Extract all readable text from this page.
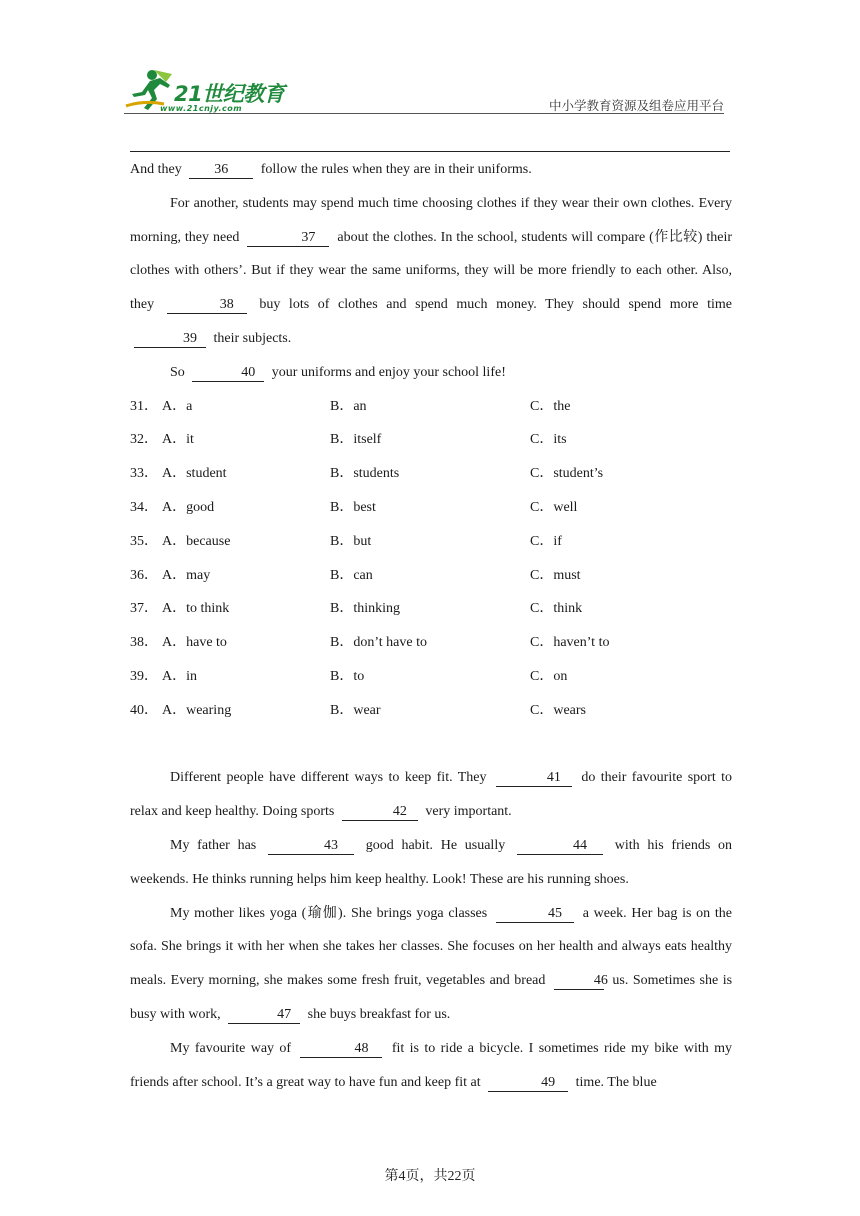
21世纪教育
www.21cnjy.com	中小学教育资源及组卷应用平台

And they 36 follow the rules when they are in their uniforms.

For another, students may spend much time choosing clothes if they wear their own clothes. Every morning, they need	37 about the clothes. In the school, students will compare (作比较) their clothes with others’. But if they wear the same uniforms, they will be more friendly to each other. Also, they	38 buy lots of clothes and spend much money. They should spend more time 39 their subjects.

So	40 your uniforms and enjoy your school life!

31． A．a	B．an	C．the
32． A．it	B．itself	C．its
33． A．student	B．students	C．student’s
34． A．good	B．best	C．well
35． A．because	B．but	C．if
36． A．may	B．can	C．must
37． A．to think	B．thinking	C．think
38． A．have to	B．don’t have to	C．haven’t to
39． A．in	B．to	C．on
40． A．wearing	B．wear	C．wears

Different people have different ways to keep fit. They	41 do their favourite sport to relax and keep healthy. Doing sports	42 very important.

My father has	43 good habit. He usually	44 with his friends on weekends. He thinks running helps him keep healthy. Look! These are his running shoes.

My mother likes yoga (瑜伽). She brings yoga classes	45 a week. Her bag is on the sofa. She brings it with her when she takes her classes. She focuses on her health and always eats healthy meals. Every morning, she makes some fresh fruit, vegetables and bread	46 us. Sometimes she is busy with work,	47 she buys breakfast for us.

My favourite way of	48 fit is to ride a bicycle. I sometimes ride my bike with my friends after school. It’s a great way to have fun and keep fit at	49 time. The blue

第4页，共22页
